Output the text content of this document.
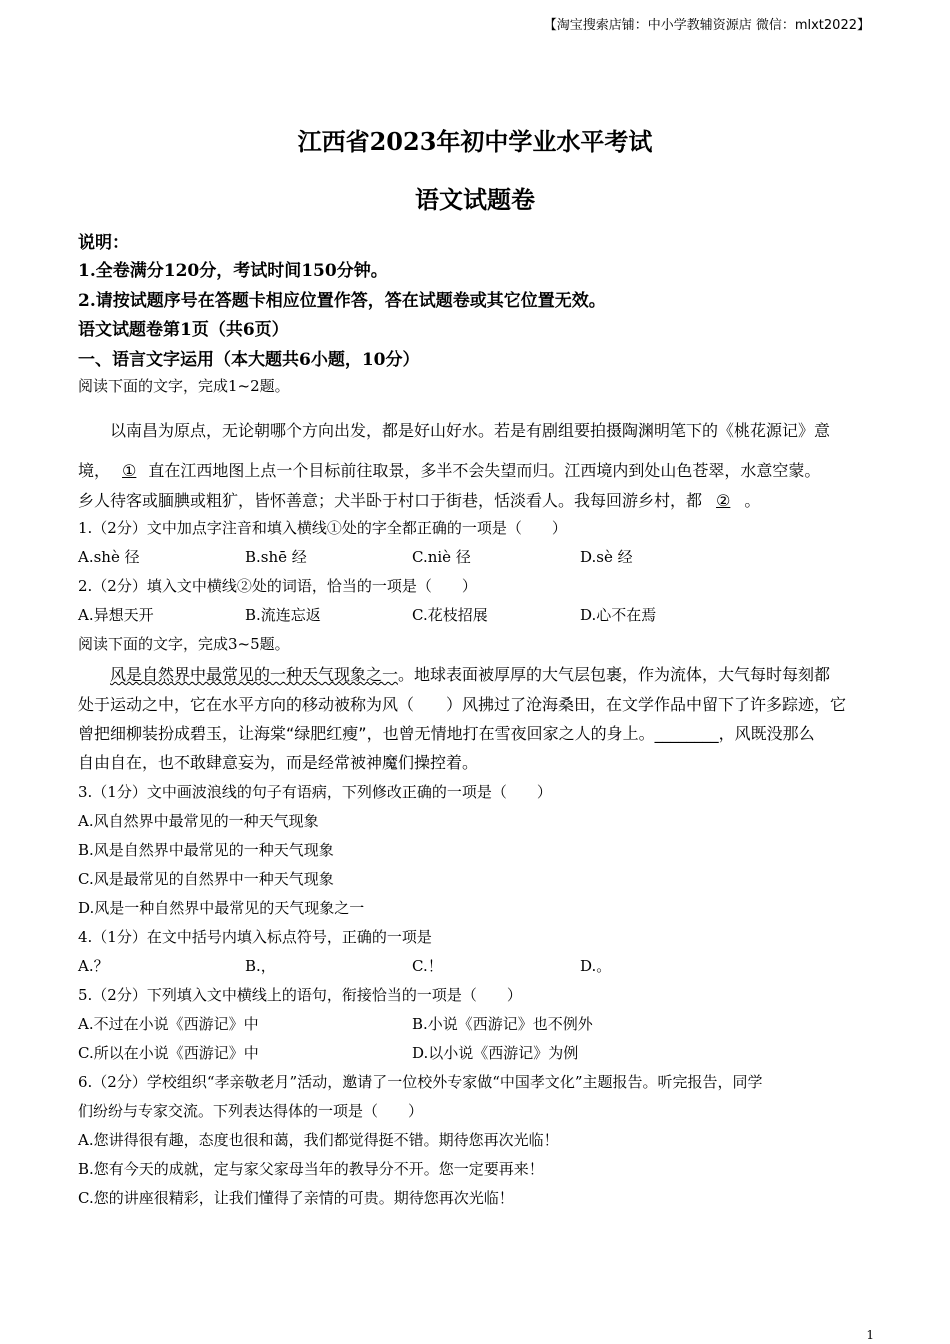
【淘宝搜索店铺：中小学教辅资源店 微信：mlxt2022】
江西省2023年初中学业水平考试
语文试题卷
说明：
1.全卷满分120分，考试时间150分钟。
2.请按试题序号在答题卡相应位置作答，答在试题卷或其它位置无效。
语文试题卷第1页（共6页）
一、语言文字运用（本大题共6小题，10分）
阅读下面的文字，完成1~2题。
以南昌为原点，无论朝哪个方向出发，都是好山好水。若是有剧组要拍摄陶渊明笔下的《桃花源记》意
境， ① 直在江西地图上点一个目标前往取景，多半不会失望而归。江西境内到处山色苍翠，水意空蒙。
乡人待客或腼腆或粗犷，皆怀善意；犬半卧于村口于街巷，恬淡看人。我每回游乡村，都 ② 。
1.（2分）文中加点字注音和填入横线①处的字全都正确的一项是（　　）
A.shè 径	B.shē 经	C.niè 径	D.sè 经
2.（2分）填入文中横线②处的词语，恰当的一项是（　　）
A.异想天开	B.流连忘返	C.花枝招展	D.心不在焉
阅读下面的文字，完成3~5题。
风是自然界中最常见的一种天气现象之一。地球表面被厚厚的大气层包裹，作为流体，大气每时每刻都
处于运动之中，它在水平方向的移动被称为风（　　）风拂过了沧海桑田，在文学作品中留下了许多踪迹，它
曾把细柳装扮成碧玉，让海棠“绿肥红瘦”，也曾无情地打在雪夜回家之人的身上。________，风既没那么
自由自在，也不敢肆意妄为，而是经常被神魔们操控着。
3.（1分）文中画波浪线的句子有语病，下列修改正确的一项是（　　）
A.风自然界中最常见的一种天气现象
B.风是自然界中最常见的一种天气现象
C.风是最常见的自然界中一种天气现象
D.风是一种自然界中最常见的天气现象之一
4.（1分）在文中括号内填入标点符号，正确的一项是
A.？	B.，	C.！	D.。
5.（2分）下列填入文中横线上的语句，衔接恰当的一项是（　　）
A.不过在小说《西游记》中	B.小说《西游记》也不例外
C.所以在小说《西游记》中	D.以小说《西游记》为例
6.（2分）学校组织“孝亲敬老月”活动，邀请了一位校外专家做“中国孝文化”主题报告。听完报告，同学
们纷纷与专家交流。下列表达得体的一项是（　　）
A.您讲得很有趣，态度也很和蔼，我们都觉得挺不错。期待您再次光临！
B.您有今天的成就，定与家父家母当年的教导分不开。您一定要再来！
C.您的讲座很精彩，让我们懂得了亲情的可贵。期待您再次光临！
1
